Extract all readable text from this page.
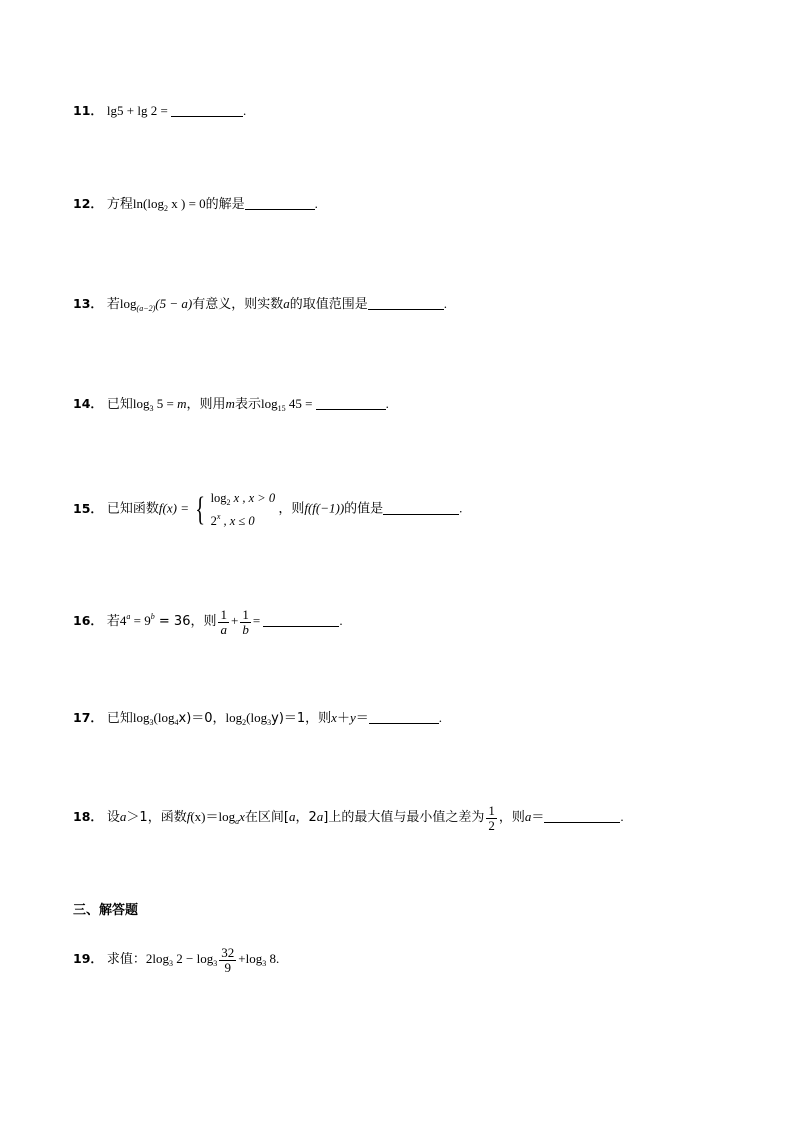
11． lg5 + lg 2 =	.
12． 方程$\ln(\log_2$ x ) = 0的解是	.
13． 若$\log_{(a-2)}(5 - a)$有意义，则实数a的取值范围是	.
14． 已知$\log_3 5 = m$，则用m表示$\log_{15} 45$ =	.
15． 已知函数f(x) = { $\log_2 x$ , x > 0
2$^x$ , x ≤ 0
，则f(f(−1))的值是	.
16． 若$4^a = 9^b = 36$，则 $\frac{1}{a} + \frac{1}{b}$ =	.
17． 已知$\log_3(\log_4x)=0$，$\log_2(\log_3y)=1$，则x＋y＝	.
18． 设a＞1，函数$f(x)=\log_ax$在区间[a，2a]上的最大值与最小值之差为 $\frac{1}{2}$ ，则a＝	.
三、解答题
19． 求值：$2\log_3$ $2 - \log_3 \frac{32}{9} +\log_3$ 8.
